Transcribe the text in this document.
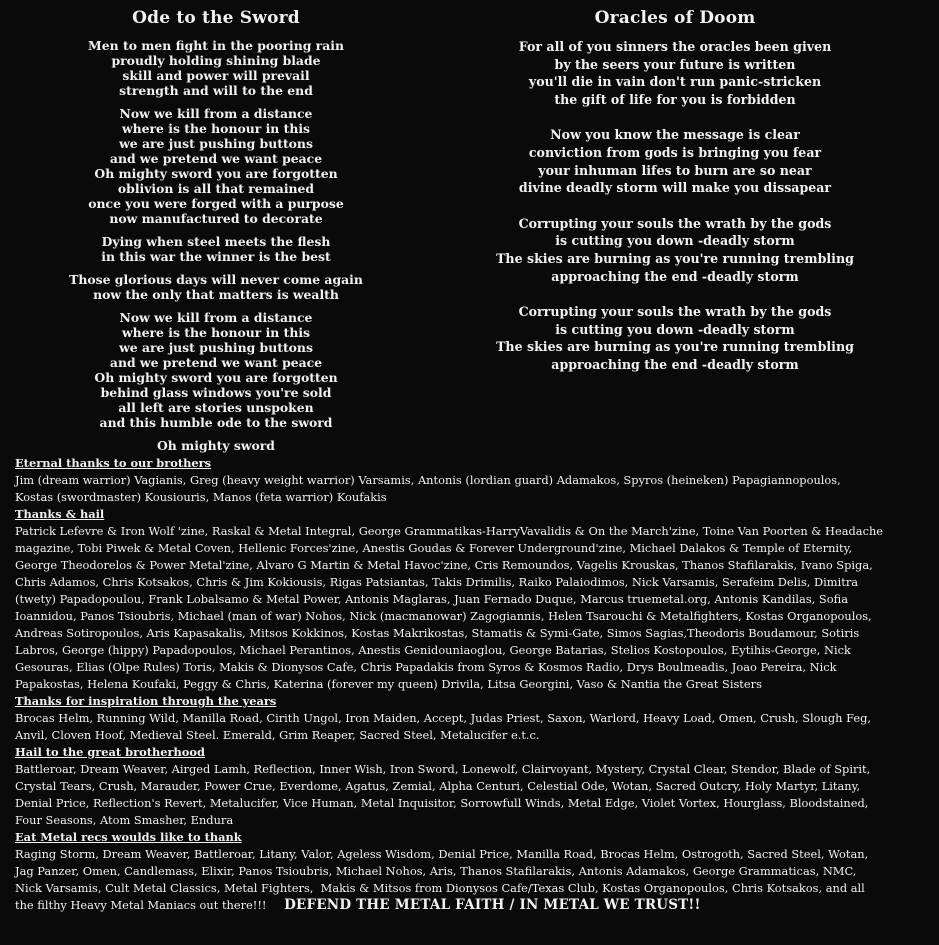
Ode to the Sword
Men to men fight in the pooring rain
proudly holding shining blade
skill and power will prevail
strength and will to the end
Now we kill from a distance
where is the honour in this
we are just pushing buttons
and we pretend we want peace
Oh mighty sword you are forgotten
oblivion is all that remained
once you were forged with a purpose
now manufactured to decorate
Dying when steel meets the flesh
in this war the winner is the best
Those glorious days will never come again
now the only that matters is wealth
Now we kill from a distance
where is the honour in this
we are just pushing buttons
and we pretend we want peace
Oh mighty sword you are forgotten
behind glass windows you're sold
all left are stories unspoken
and this humble ode to the sword
Oh mighty sword
Oracles of Doom
For all of you sinners the oracles been given
by the seers your future is written
you'll die in vain don't run panic-stricken
the gift of life for you is forbidden
Now you know the message is clear
conviction from gods is bringing you fear
your inhuman lifes to burn are so near
divine deadly storm will make you dissapear
Corrupting your souls the wrath by the gods
is cutting you down -deadly storm
The skies are burning as you're running trembling
approaching the end -deadly storm
Corrupting your souls the wrath by the gods
is cutting you down -deadly storm
The skies are burning as you're running trembling
approaching the end -deadly storm
Eternal thanks to our brothers
Jim (dream warrior) Vagianis, Greg (heavy weight warrior) Varsamis, Antonis (lordian guard) Adamakos, Spyros (heineken) Papagiannopoulos,
Kostas (swordmaster) Kousiouris, Manos (feta warrior) Koufakis
Thanks & hail
Patrick Lefevre & Iron Wolf 'zine, Raskal & Metal Integral, George Grammatikas-HarryVavalidis & On the March'zine, Toine Van Poorten & Headache
magazine, Tobi Piwek & Metal Coven, Hellenic Forces'zine, Anestis Goudas & Forever Underground'zine, Michael Dalakos & Temple of Eternity,
George Theodorelos & Power Metal'zine, Alvaro G Martin & Metal Havoc'zine, Cris Remoundos, Vagelis Krouskas, Thanos Stafilarakis, Ivano Spiga,
Chris Adamos, Chris Kotsakos, Chris & Jim Kokiousis, Rigas Patsiantas, Takis Drimilis, Raiko Palaiodimos, Nick Varsamis, Serafeim Delis, Dimitra
(twety) Papadopoulou, Frank Lobalsamo & Metal Power, Antonis Maglaras, Juan Fernado Duque, Marcus truemetal.org, Antonis Kandilas, Sofia
Ioannidou, Panos Tsioubris, Michael (man of war) Nohos, Nick (macmanowar) Zagogiannis, Helen Tsarouchi & Metalfighters, Kostas Organopoulos,
Andreas Sotiropoulos, Aris Kapasakalis, Mitsos Kokkinos, Kostas Makrikostas, Stamatis & Symi-Gate, Simos Sagias,Theodoris Boudamour, Sotiris
Labros, George (hippy) Papadopoulos, Michael Perantinos, Anestis Genidouniaoglou, George Batarias, Stelios Kostopoulos, Eytihis-George, Nick
Gesouras, Elias (Olpe Rules) Toris, Makis & Dionysos Cafe, Chris Papadakis from Syros & Kosmos Radio, Drys Boulmeadis, Joao Pereira, Nick
Papakostas, Helena Koufaki, Peggy & Chris, Katerina (forever my queen) Drivila, Litsa Georgini, Vaso & Nantia the Great Sisters
Thanks for inspiration through the years
Brocas Helm, Running Wild, Manilla Road, Cirith Ungol, Iron Maiden, Accept, Judas Priest, Saxon, Warlord, Heavy Load, Omen, Crush, Slough Feg,
Anvil, Cloven Hoof, Medieval Steel. Emerald, Grim Reaper, Sacred Steel, Metalucifer e.t.c.
Hail to the great brotherhood
Battleroar, Dream Weaver, Airged Lamh, Reflection, Inner Wish, Iron Sword, Lonewolf, Clairvoyant, Mystery, Crystal Clear, Stendor, Blade of Spirit,
Crystal Tears, Crush, Marauder, Power Crue, Everdome, Agatus, Zemial, Alpha Centuri, Celestial Ode, Wotan, Sacred Outcry, Holy Martyr, Litany,
Denial Price, Reflection's Revert, Metalucifer, Vice Human, Metal Inquisitor, Sorrowfull Winds, Metal Edge, Violet Vortex, Hourglass, Bloodstained,
Four Seasons, Atom Smasher, Endura
Eat Metal recs woulds like to thank
Raging Storm, Dream Weaver, Battleroar, Litany, Valor, Ageless Wisdom, Denial Price, Manilla Road, Brocas Helm, Ostrogoth, Sacred Steel, Wotan,
Jag Panzer, Omen, Candlemass, Elixir, Panos Tsioubris, Michael Nohos, Aris, Thanos Stafilarakis, Antonis Adamakos, George Grammaticas, NMC,
Nick Varsamis, Cult Metal Classics, Metal Fighters,  Makis & Mitsos from Dionysos Cafe/Texas Club, Kostas Organopoulos, Chris Kotsakos, and all
the filthy Heavy Metal Maniacs out there!!! DEFEND THE METAL FAITH / IN METAL WE TRUST!!
